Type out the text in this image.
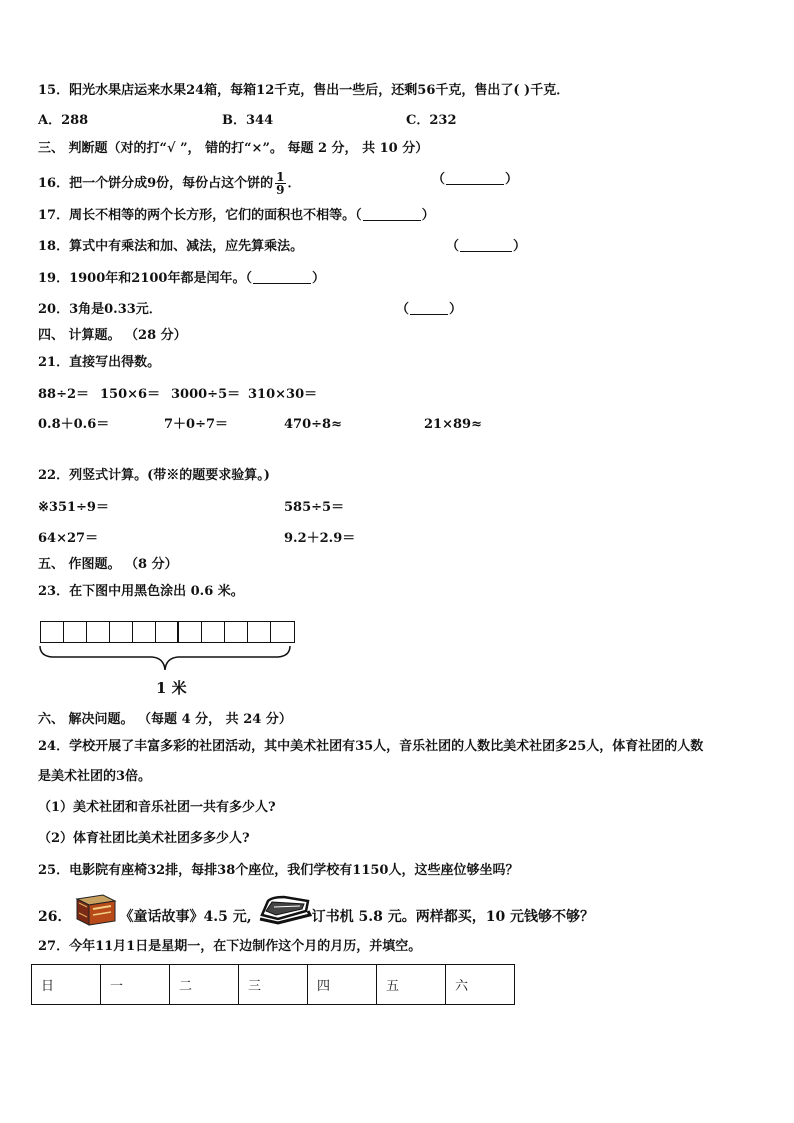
15．阳光水果店运来水果24箱，每箱12千克，售出一些后，还剩56千克，售出了( )千克．
A．288	B．344	C．232
三、 判断题（对的打“√ ”， 错的打“×”。 每题 2 分， 共 10 分）
16．把一个饼分成9份，每份占这个饼的 $\frac{1}{9}$ ．	（	）
17．周长不相等的两个长方形，它们的面积也不相等。（	）
18．算式中有乘法和加、减法，应先算乘法。	（	）
19．1900年和2100年都是闰年。（	）
20．3角是0.33元．	（	）
四、 计算题。 （28 分）
21．直接写出得数。
88÷2＝ 150×6＝ 3000÷5＝ 310×30＝
0.8＋0.6＝	7＋0÷7＝	470÷8≈	21×89≈
22．列竖式计算。(带※的题要求验算。)
※351÷9＝	585÷5＝
64×27＝	9.2＋2.9＝
五、 作图题。 （8 分）
23．在下图中用黑色涂出 0.6 米。
1 米
六、 解决问题。 （每题 4 分， 共 24 分）
24．学校开展了丰富多彩的社团活动，其中美术社团有35人，音乐社团的人数比美术社团多25人，体育社团的人数
是美术社团的3倍。
（1）美术社团和音乐社团一共有多少人?
（2）体育社团比美术社团多多少人?
25．电影院有座椅32排，每排38个座位，我们学校有1150人，这些座位够坐吗？
26．	《童话故事》4.5 元,	订书机 5.8 元。两样都买，10 元钱够不够？
27．今年11月1日是星期一，在下边制作这个月的月历，并填空。
日	一	二	三	四	五	六
